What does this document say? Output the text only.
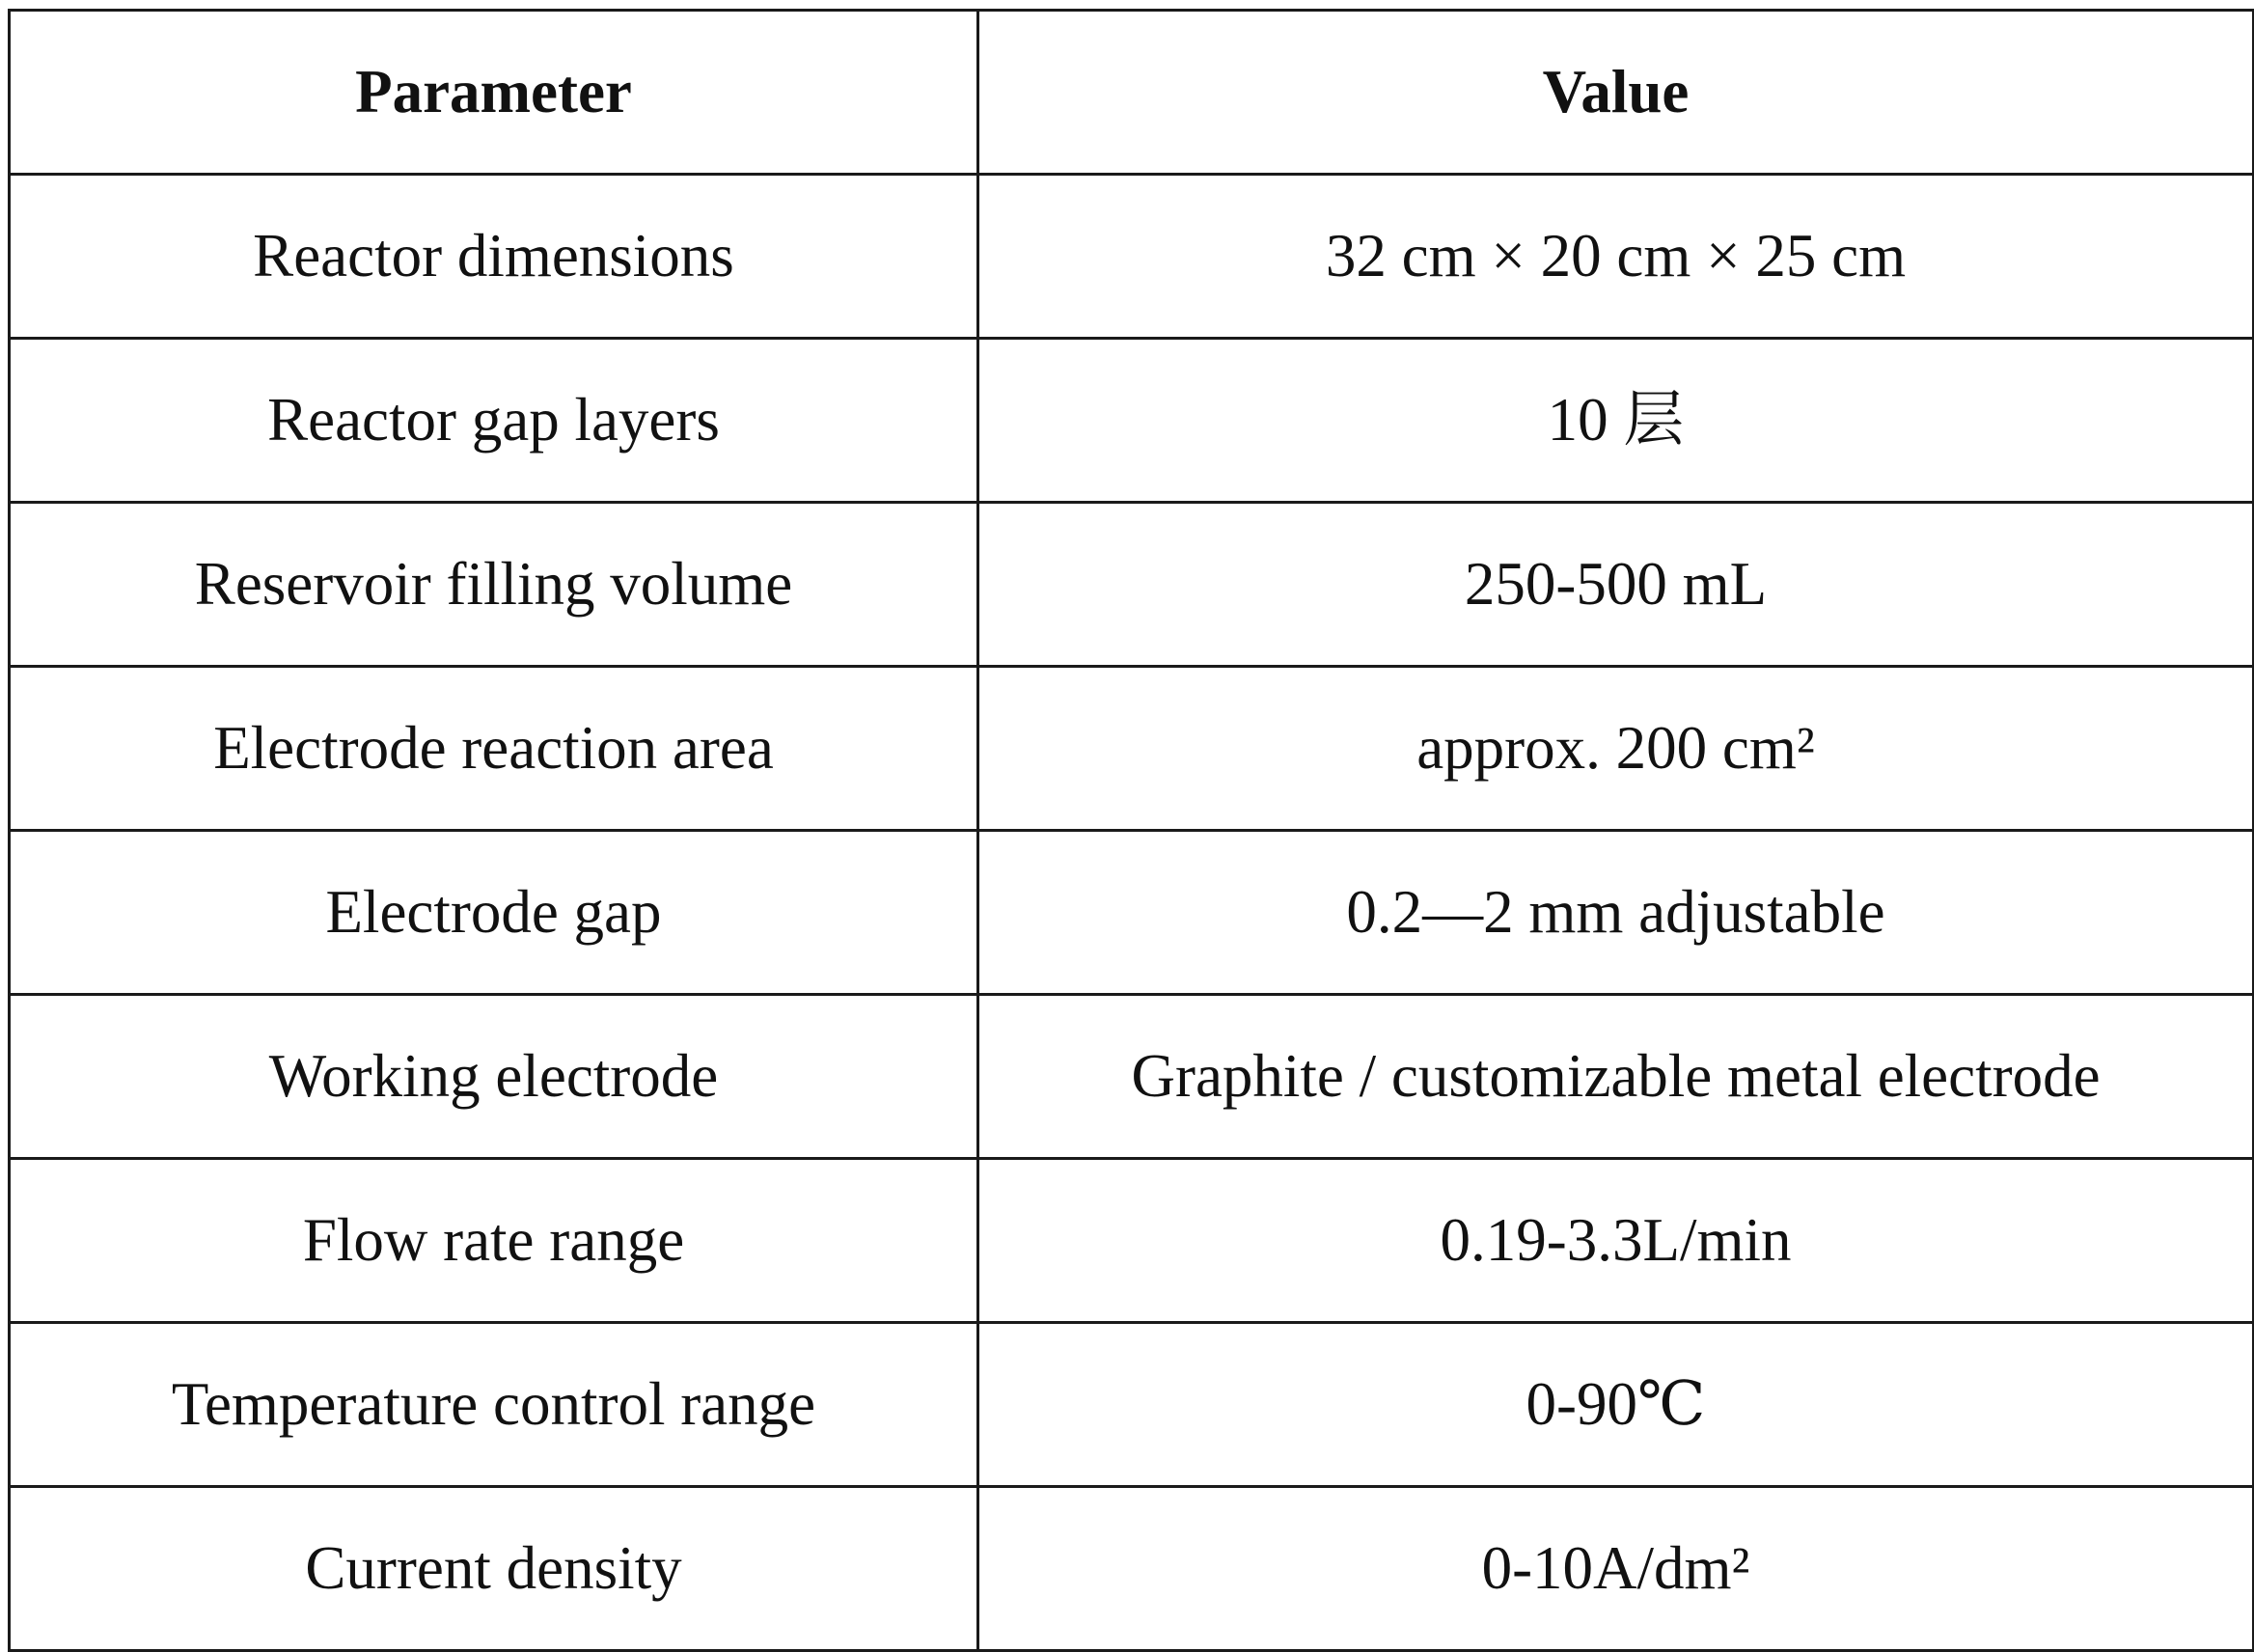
Parameter	Value
Reactor dimensions	32 cm × 20 cm × 25 cm
Reactor gap layers	10 层
Reservoir filling volume	250-500 mL
Electrode reaction area	approx. 200 cm²
Electrode gap	0.2—2 mm adjustable
Working electrode	Graphite / customizable metal electrode
Flow rate range	0.19-3.3L/min
Temperature control range	0-90℃
Current density	0-10A/dm²
